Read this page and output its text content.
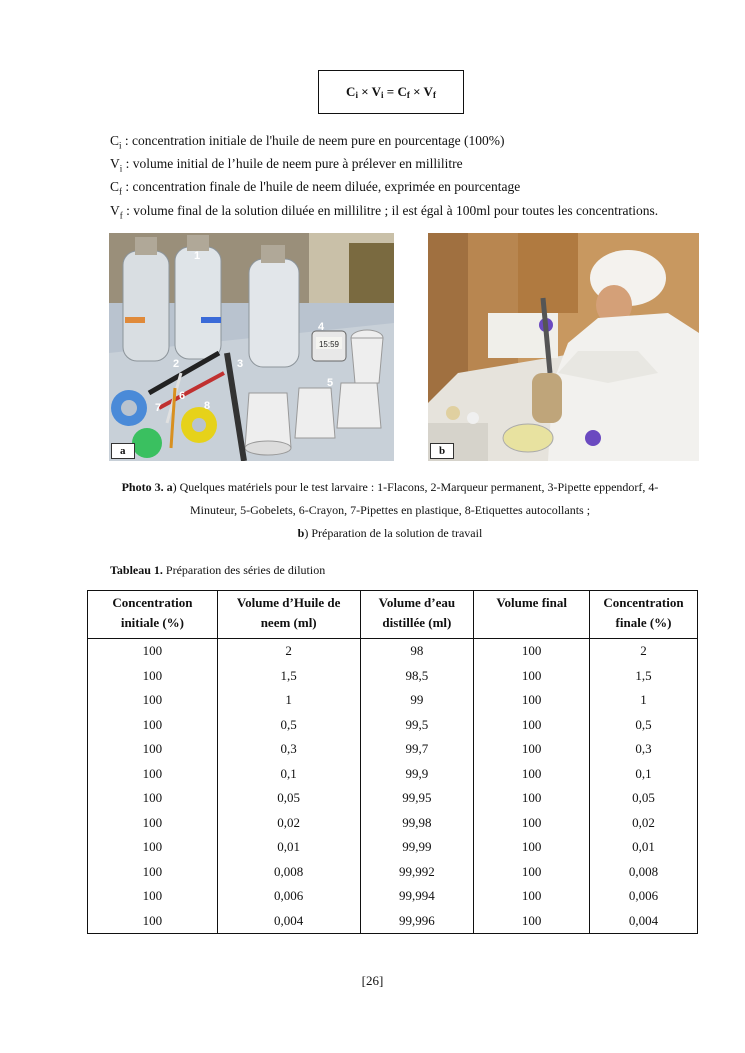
$C_i \times V_i = C_f \times V_f$

$C_i$ : concentration initiale de l'huile de neem pure en pourcentage (100%)

$V_i$ : volume initial de l’huile de neem pure à prélever en millilitre

$C_f$ : concentration finale de l'huile de neem diluée, exprimée en pourcentage

$V_f$ : volume final de la solution diluée en millilitre ; il est égal à 100ml pour toutes les concentrations.

15:59
1
2	3
4
5
6
7	8
a	b
Photo 3. a) Quelques matériels pour le test larvaire : 1-Flacons, 2-Marqueur permanent, 3-Pipette eppendorf, 4-Minuteur, 5-Gobelets, 6-Crayon, 7-Pipettes en plastique, 8-Etiquettes autocollants ;
b) Préparation de la solution de travail
Tableau 1. Préparation des séries de dilution
Concentration initiale (%)	Volume d’Huile de neem (ml)	Volume d’eau distillée (ml)	Volume final	Concentration finale (%)
100	2	98	100	2
100	1,5	98,5	100	1,5
100	1	99	100	1
100	0,5	99,5	100	0,5
100	0,3	99,7	100	0,3
100	0,1	99,9	100	0,1
100	0,05	99,95	100	0,05
100	0,02	99,98	100	0,02
100	0,01	99,99	100	0,01
100	0,008	99,992	100	0,008
100	0,006	99,994	100	0,006
100	0,004	99,996	100	0,004
[26]
